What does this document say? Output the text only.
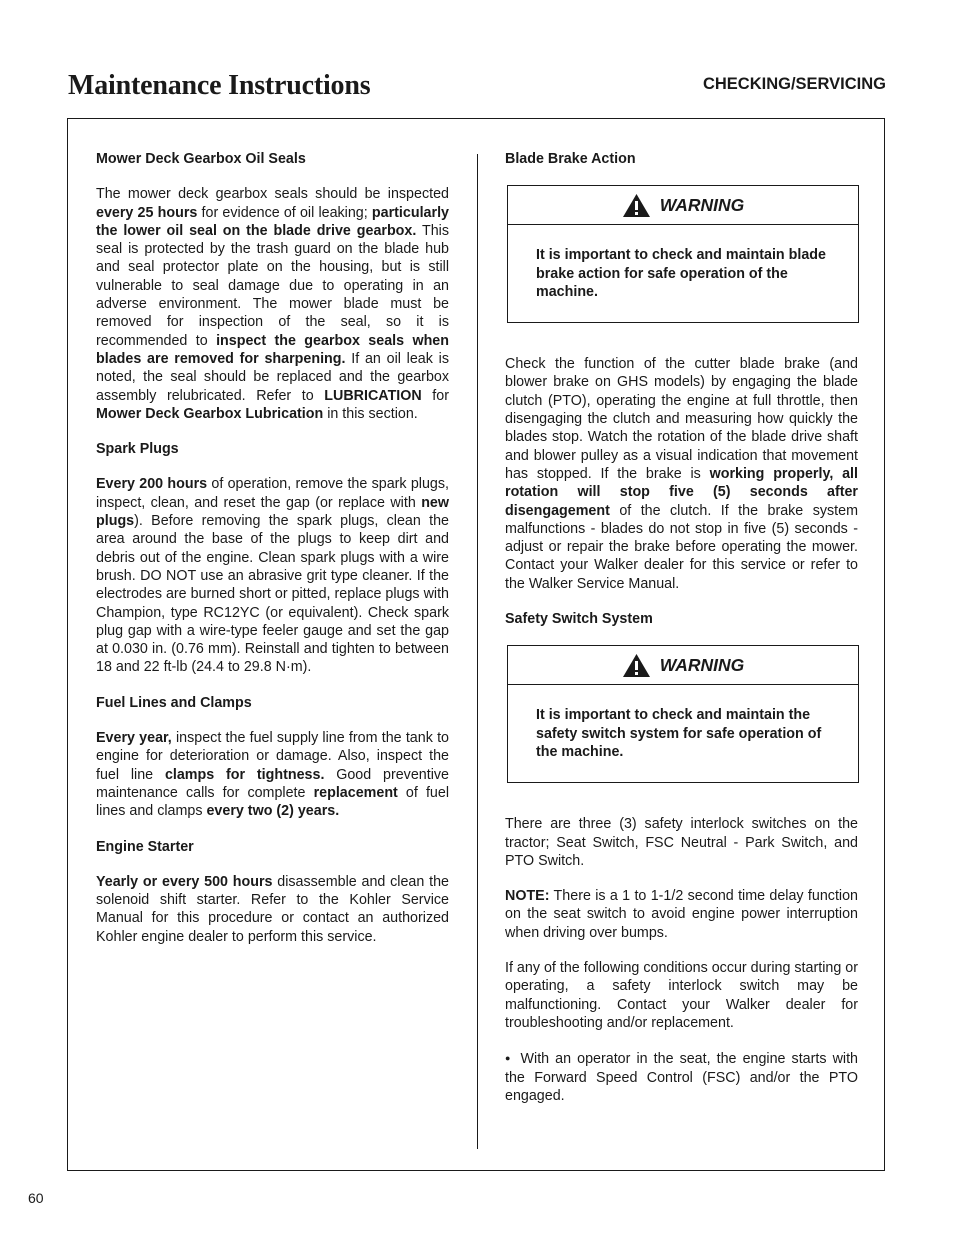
Maintenance Instructions	CHECKING/SERVICING
Mower Deck Gearbox Oil Seals

The mower deck gearbox seals should be inspected every 25 hours for evidence of oil leaking; particularly the lower oil seal on the blade drive gearbox. This seal is protected by the trash guard on the blade hub and seal protector plate on the housing, but is still vulnerable to seal damage due to operating in an adverse environment. The mower blade must be removed for inspection of the seal, so it is recommended to inspect the gearbox seals when blades are removed for sharpening. If an oil leak is noted, the seal should be replaced and the gearbox assembly relubricated. Refer to LUBRICATION for Mower Deck Gearbox Lubrication in this section.

Spark Plugs

Every 200 hours of operation, remove the spark plugs, inspect, clean, and reset the gap (or replace with new plugs). Before removing the spark plugs, clean the area around the base of the plugs to keep dirt and debris out of the engine. Clean spark plugs with a wire brush. DO NOT use an abrasive grit type cleaner. If the electrodes are burned short or pitted, replace plugs with Champion, type RC12YC (or equivalent). Check spark plug gap with a wire-type feeler gauge and set the gap at 0.030 in. (0.76 mm). Reinstall and tighten to between 18 and 22 ft-lb (24.4 to 29.8 N·m).

Fuel Lines and Clamps

Every year, inspect the fuel supply line from the tank to engine for deterioration or damage. Also, inspect the fuel line clamps for tightness. Good preventive maintenance calls for complete replacement of fuel lines and clamps every two (2) years.

Engine Starter

Yearly or every 500 hours disassemble and clean the solenoid shift starter. Refer to the Kohler Service Manual for this procedure or contact an authorized Kohler engine dealer to perform this service.

Blade Brake Action
WARNING
It is important to check and maintain blade brake action for safe operation of the machine.

Check the function of the cutter blade brake (and blower brake on GHS models) by engaging the blade clutch (PTO), operating the engine at full throttle, then disengaging the clutch and measuring how quickly the blades stop. Watch the rotation of the blade drive shaft and blower pulley as a visual indication that movement has stopped. If the brake is working properly, all rotation will stop five (5) seconds after disengagement of the clutch. If the brake system malfunctions - blades do not stop in five (5) seconds - adjust or repair the brake before operating the mower. Contact your Walker dealer for this service or refer to the Walker Service Manual.

Safety Switch System
WARNING
It is important to check and maintain the safety switch system for safe operation of the machine.

There are three (3) safety interlock switches on the tractor; Seat Switch, FSC Neutral - Park Switch, and PTO Switch.

NOTE: There is a 1 to 1-1/2 second time delay function on the seat switch to avoid engine power interruption when driving over bumps.

If any of the following conditions occur during starting or operating, a safety interlock switch may be malfunctioning. Contact your Walker dealer for troubleshooting and/or replacement.

● With an operator in the seat, the engine starts with the Forward Speed Control (FSC) and/or the PTO engaged.

60
